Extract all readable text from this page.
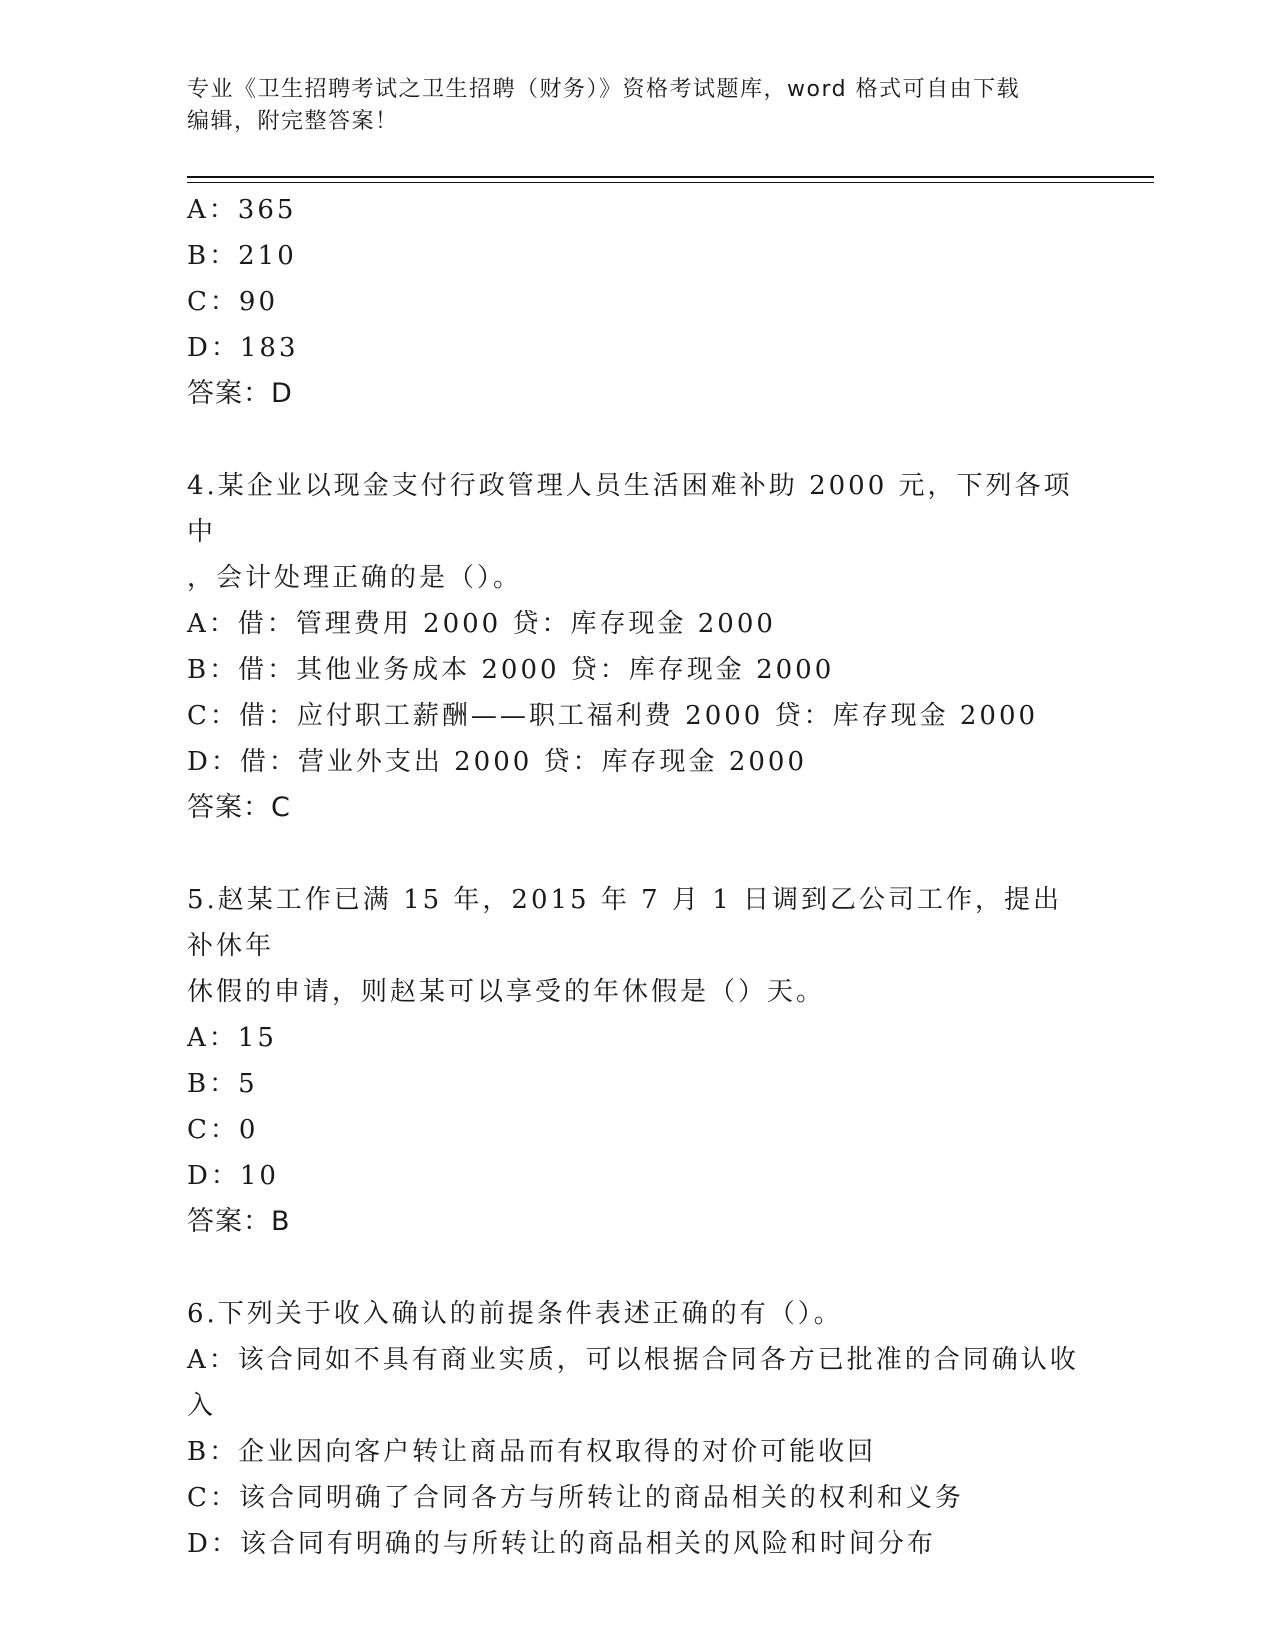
专业《卫生招聘考试之卫生招聘（财务）》资格考试题库，word 格式可自由下载
编辑，附完整答案！
A：365
B：210
C：90
D：183
答案：D
4.某企业以现金支付行政管理人员生活困难补助 2000 元，下列各项中
，会计处理正确的是（）。
A：借：管理费用 2000 贷：库存现金 2000
B：借：其他业务成本 2000 贷：库存现金 2000
C：借：应付职工薪酬——职工福利费 2000 贷：库存现金 2000
D：借：营业外支出 2000 贷：库存现金 2000
答案：C
5.赵某工作已满 15 年，2015 年 7 月 1 日调到乙公司工作，提出补休年
休假的申请，则赵某可以享受的年休假是（）天。
A：15
B：5
C：0
D：10
答案：B
6.下列关于收入确认的前提条件表述正确的有（）。
A：该合同如不具有商业实质，可以根据合同各方已批准的合同确认收
入
B：企业因向客户转让商品而有权取得的对价可能收回
C：该合同明确了合同各方与所转让的商品相关的权利和义务
D：该合同有明确的与所转让的商品相关的风险和时间分布
